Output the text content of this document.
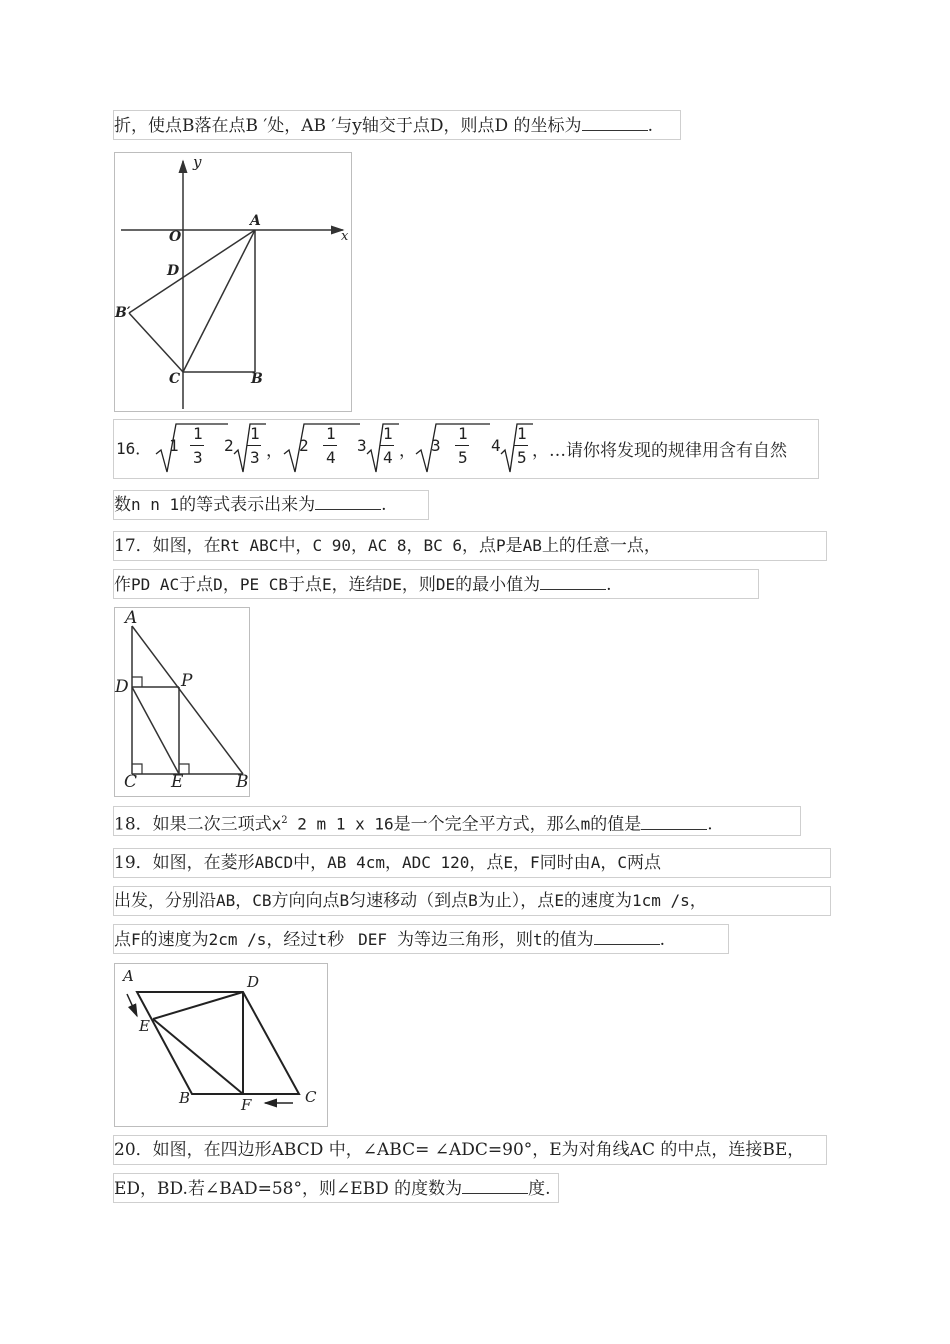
折，使点B落在点B ′处，AB ′与y轴交于点D，则点D 的坐标为	.
y
x
O
A
D
B′
C	B
16． 1
1
3
2
1
3 ， 2
1
4
3
1
4 ， 3
1
5
4
1
5 ，…请你将发现的规律用含有自然
数n n 1的等式表示出来为	.
17．如图，在Rt ABC中，C 90，AC 8，BC 6，点P是AB上的任意一点，
作PD AC于点D，PE CB于点E，连结DE，则DE的最小值为	.
A
D	P
C E	B
18．如果二次三项式$x^2$ 2 m 1 x 16是一个完全平方式，那么m的值是	.
19．如图，在菱形ABCD中，AB 4cm，ADC 120，点E，F同时由A，C两点
出发，分别沿AB，CB方向向点B匀速移动（到点B为止），点E的速度为1cm /s，
点F的速度为2cm /s，经过t秒 DEF 为等边三角形，则t的值为	.
A	D
E
B	F	C
20．如图，在四边形ABCD 中，∠ABC= ∠ADC=90°，E为对角线AC 的中点，连接BE，
ED，BD.若∠BAD=58°，则∠EBD 的度数为	度.
